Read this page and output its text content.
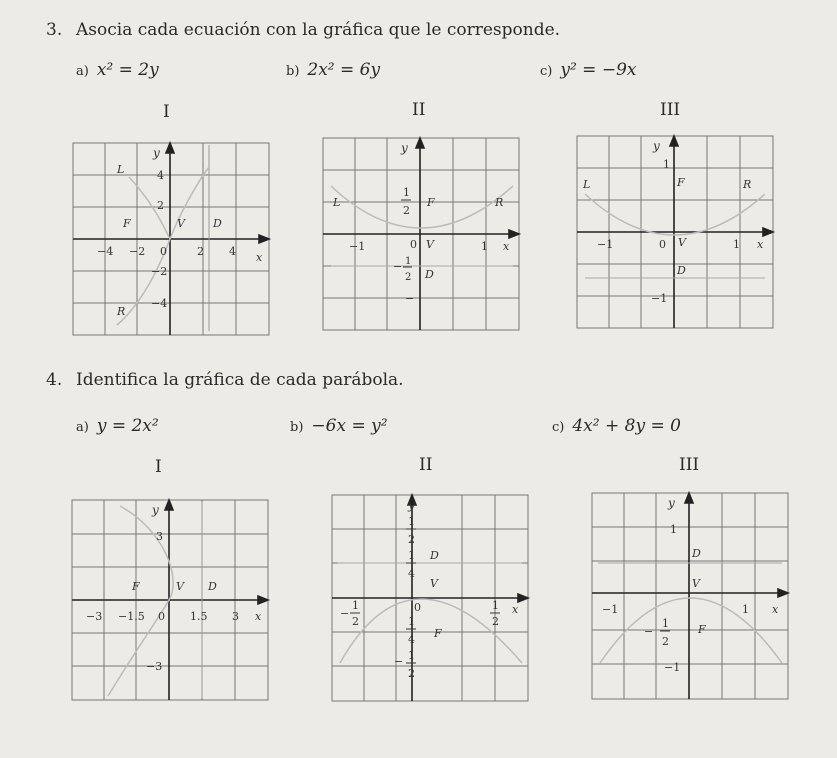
3. Asocia cada ecuación con la gráfica que le corresponde.
a) x² = 2y	b) 2x² = 6y	c) y² = −9x
I	II	III
y
x
L	4
2
F	V	D
−4 −2 0	2 4
−2
−4
R
y
x
L
1
2
F	R
−1	0 V	1
− 1
2 D
−
y
x
1
L	F	R
−1	0 V	1
D
−1
4. Identifica la gráfica de cada parábola.
a) y = 2x²	b) −6x = y²	c) 4x² + 8y = 0
I	II	III
y
x
3
F	V D
−3 −1.5 0 1.5 3
−3
y
x
1
2
1
4
D
V
−
1
2
0	1
2
1
4 F
− 1
2
y
x
1
D
V
−1	1
−
1
2
F
−1
